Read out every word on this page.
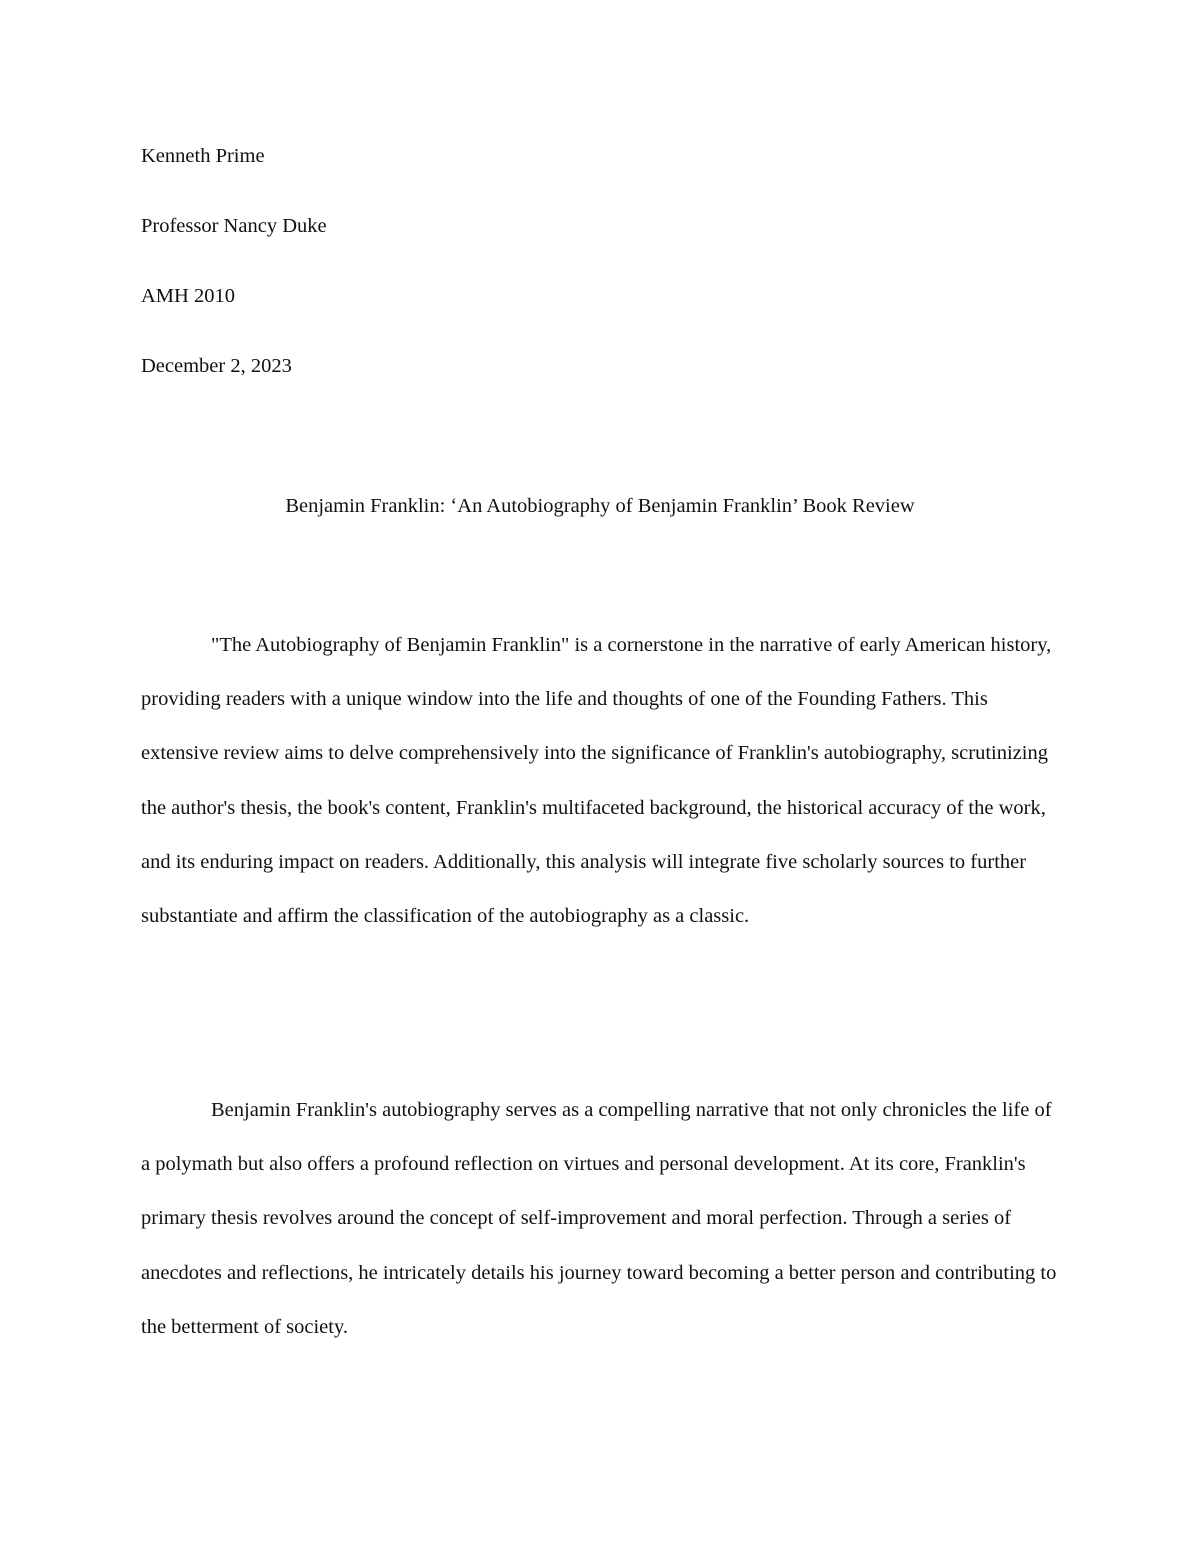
Kenneth Prime
Professor Nancy Duke
AMH 2010
December 2, 2023
Benjamin Franklin: ‘An Autobiography of Benjamin Franklin’ Book Review

"The Autobiography of Benjamin Franklin" is a cornerstone in the narrative of early American history, providing readers with a unique window into the life and thoughts of one of the Founding Fathers. This extensive review aims to delve comprehensively into the significance of Franklin's autobiography, scrutinizing the author's thesis, the book's content, Franklin's multifaceted background, the historical accuracy of the work, and its enduring impact on readers. Additionally, this analysis will integrate five scholarly sources to further substantiate and affirm the classification of the autobiography as a classic.

Benjamin Franklin's autobiography serves as a compelling narrative that not only chronicles the life of a polymath but also offers a profound reflection on virtues and personal development. At its core, Franklin's primary thesis revolves around the concept of self-improvement and moral perfection. Through a series of anecdotes and reflections, he intricately details his journey toward becoming a better person and contributing to the betterment of society.
